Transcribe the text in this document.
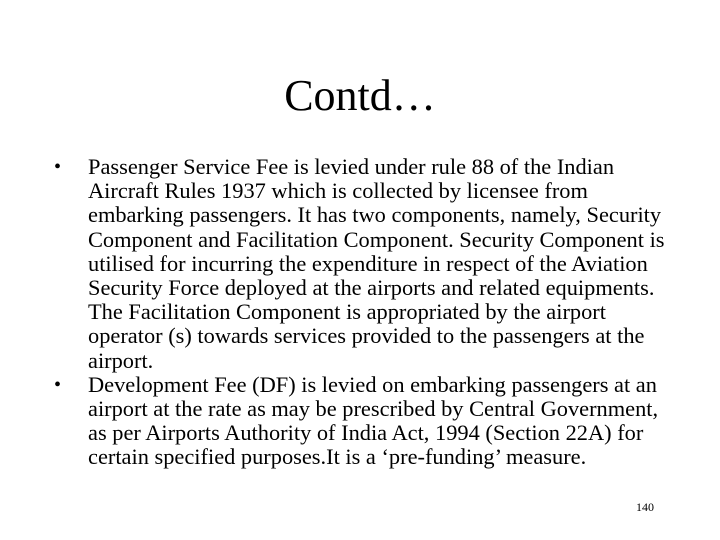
Contd…
• Passenger Service Fee is levied under rule 88 of the Indian Aircraft Rules 1937 which is collected by licensee from embarking passengers. It has two components, namely, Security Component and Facilitation Component. Security Component is utilised for incurring the expenditure in respect of the Aviation Security Force deployed at the airports and related equipments. The Facilitation Component is appropriated by the airport operator (s) towards services provided to the passengers at the airport.
• Development Fee (DF) is levied on embarking passengers at an airport at the rate as may be prescribed by Central Government, as per Airports Authority of India Act, 1994 (Section 22A) for certain specified purposes.It is a ‘pre-funding’ measure.
140
